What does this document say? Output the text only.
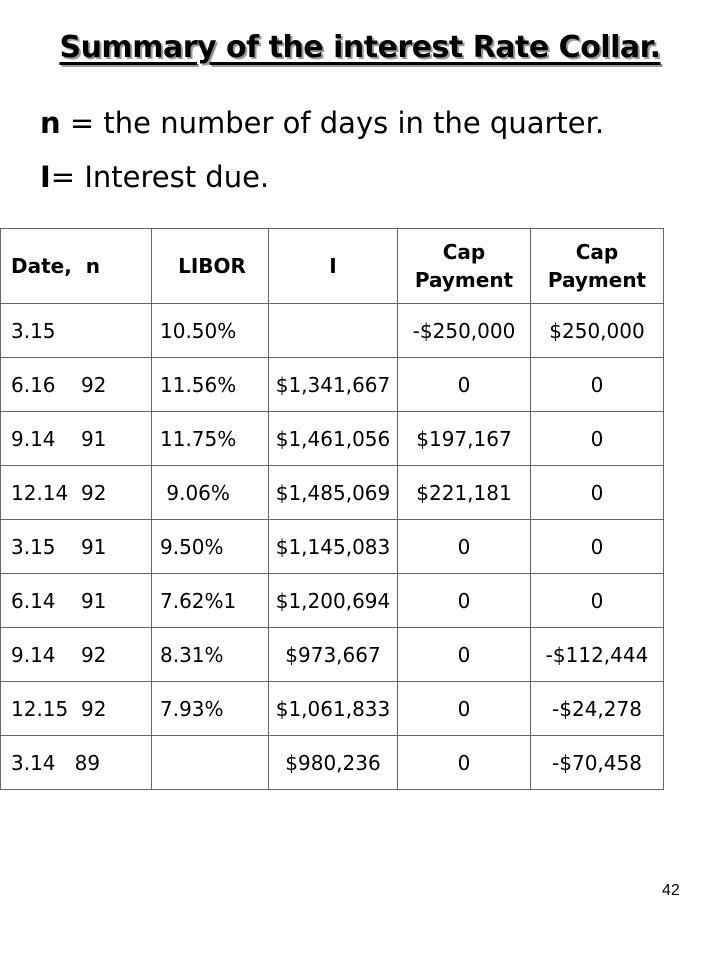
Summary of the interest Rate Collar.
n = the number of days in the quarter.
I= Interest due.
Date,  n	LIBOR	I	Cap Payment	Cap Payment
3.15	10.50%		-$250,000	$250,000
6.16    92	11.56%	$1,341,667	0	0
9.14    91	11.75%	$1,461,056	$197,167	0
12.14  92	9.06%	$1,485,069	$221,181	0
3.15    91	9.50%	$1,145,083	0	0
6.14    91	7.62%1	$1,200,694	0	0
9.14    92	8.31%	$973,667	0	-$112,444
12.15  92	7.93%	$1,061,833	0	-$24,278
3.14   89		$980,236	0	-$70,458
42
